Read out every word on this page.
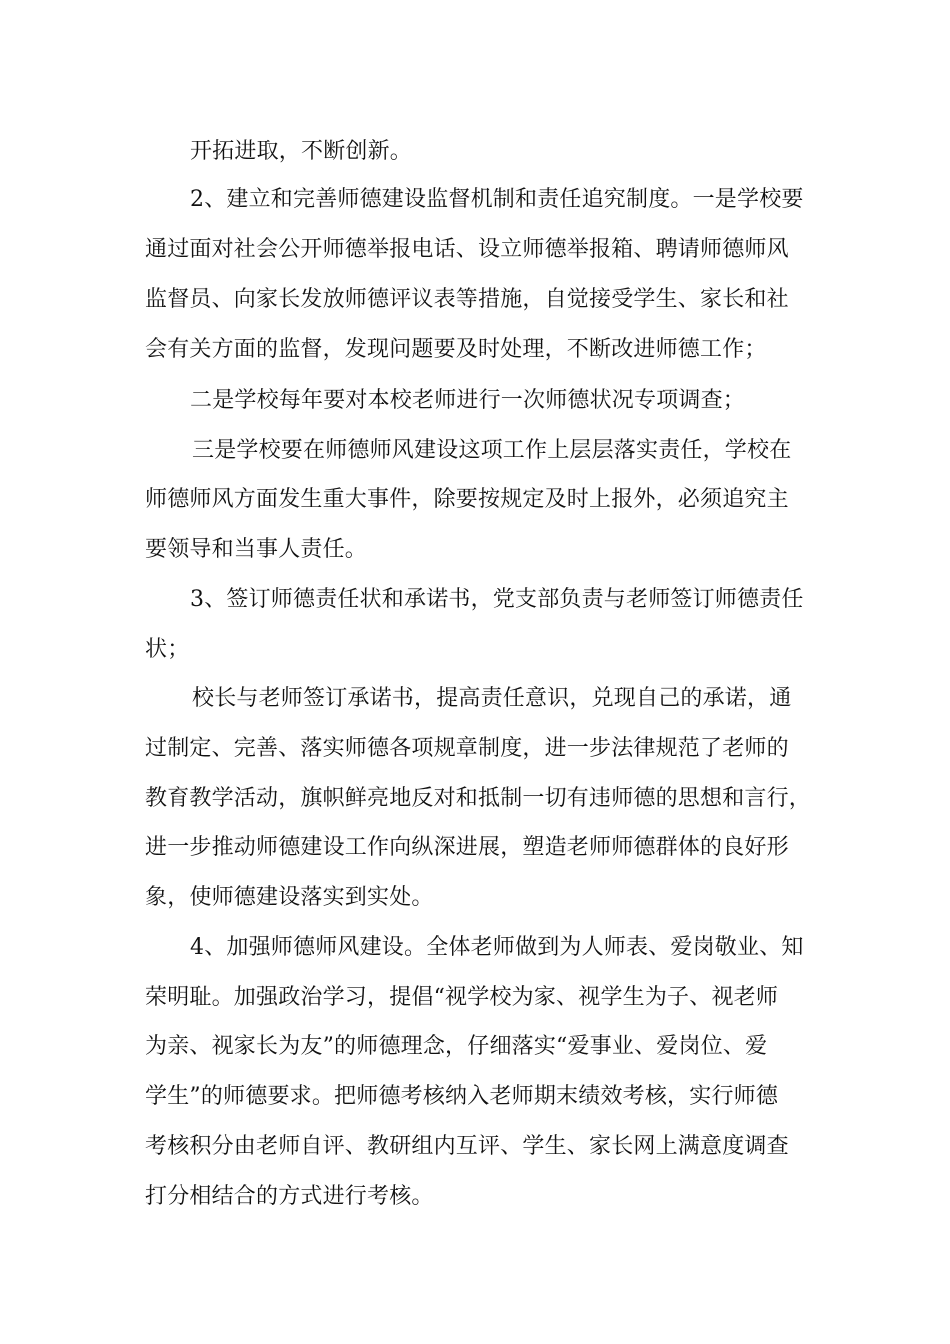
开拓进取，不断创新。
2、建立和完善师德建设监督机制和责任追究制度。一是学校要
通过面对社会公开师德举报电话、设立师德举报箱、聘请师德师风
监督员、向家长发放师德评议表等措施，自觉接受学生、家长和社
会有关方面的监督，发现问题要及时处理，不断改进师德工作；
二是学校每年要对本校老师进行一次师德状况专项调查；
三是学校要在师德师风建设这项工作上层层落实责任，学校在
师德师风方面发生重大事件，除要按规定及时上报外，必须追究主
要领导和当事人责任。
3、签订师德责任状和承诺书，党支部负责与老师签订师德责任
状；
校长与老师签订承诺书，提高责任意识，兑现自己的承诺，通
过制定、完善、落实师德各项规章制度，进一步法律规范了老师的
教育教学活动，旗帜鲜亮地反对和抵制一切有违师德的思想和言行，
进一步推动师德建设工作向纵深进展，塑造老师师德群体的良好形
象，使师德建设落实到实处。
4、加强师德师风建设。全体老师做到为人师表、爱岗敬业、知
荣明耻。加强政治学习，提倡“视学校为家、视学生为子、视老师
为亲、视家长为友”的师德理念，仔细落实“爱事业、爱岗位、爱
学生”的师德要求。把师德考核纳入老师期末绩效考核，实行师德
考核积分由老师自评、教研组内互评、学生、家长网上满意度调查
打分相结合的方式进行考核。
